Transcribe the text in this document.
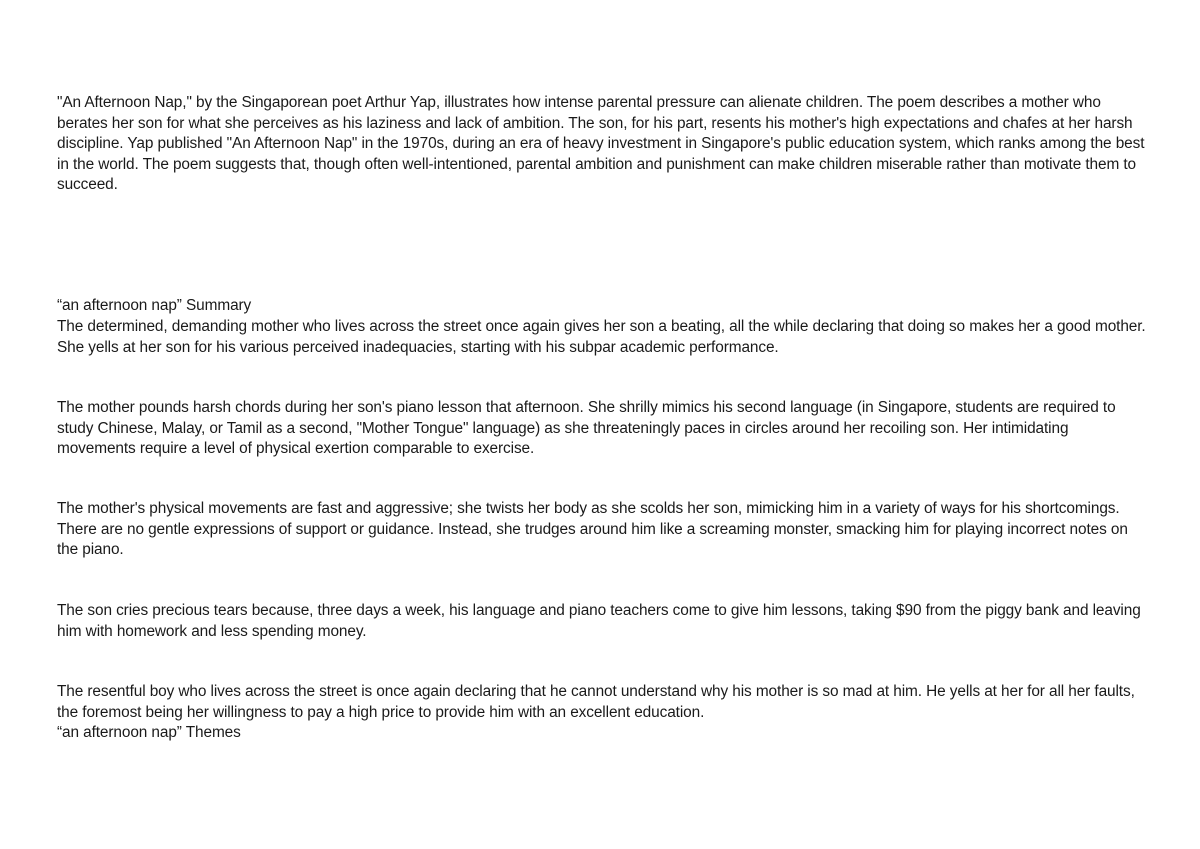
"An Afternoon Nap," by the Singaporean poet Arthur Yap, illustrates how intense parental pressure can alienate children. The poem describes a mother who berates her son for what she perceives as his laziness and lack of ambition. The son, for his part, resents his mother's high expectations and chafes at her harsh discipline. Yap published "An Afternoon Nap" in the 1970s, during an era of heavy investment in Singapore's public education system, which ranks among the best in the world. The poem suggests that, though often well-intentioned, parental ambition and punishment can make children miserable rather than motivate them to succeed.

“an afternoon nap” Summary

The determined, demanding mother who lives across the street once again gives her son a beating, all the while declaring that doing so makes her a good mother. She yells at her son for his various perceived inadequacies, starting with his subpar academic performance.

The mother pounds harsh chords during her son's piano lesson that afternoon. She shrilly mimics his second language (in Singapore, students are required to study Chinese, Malay, or Tamil as a second, "Mother Tongue" language) as she threateningly paces in circles around her recoiling son. Her intimidating movements require a level of physical exertion comparable to exercise.

The mother's physical movements are fast and aggressive; she twists her body as she scolds her son, mimicking him in a variety of ways for his shortcomings. There are no gentle expressions of support or guidance. Instead, she trudges around him like a screaming monster, smacking him for playing incorrect notes on the piano.

The son cries precious tears because, three days a week, his language and piano teachers come to give him lessons, taking $90 from the piggy bank and leaving him with homework and less spending money.

The resentful boy who lives across the street is once again declaring that he cannot understand why his mother is so mad at him. He yells at her for all her faults, the foremost being her willingness to pay a high price to provide him with an excellent education.

“an afternoon nap” Themes
